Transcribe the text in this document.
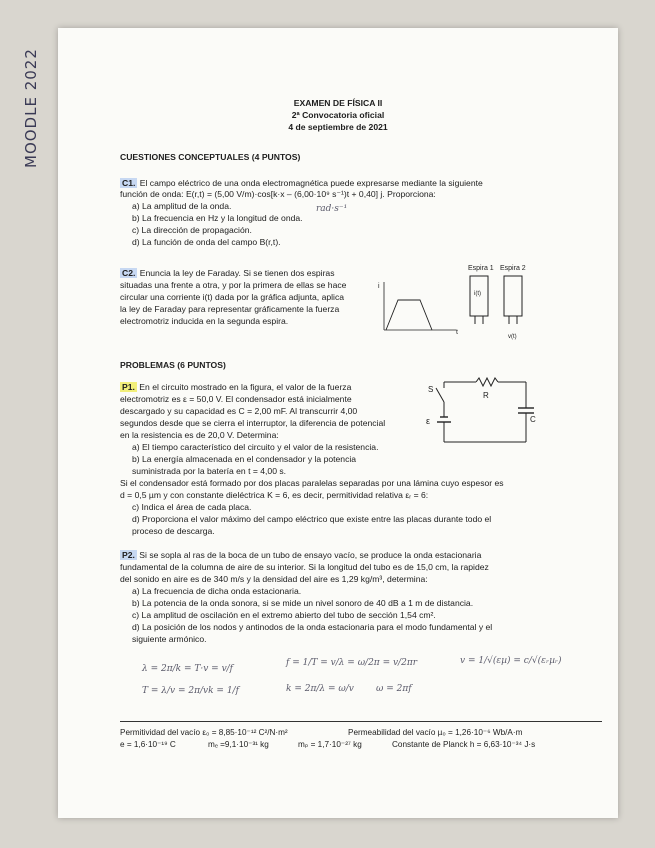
MOODLE 2022	EXAMEN DE FÍSICA II
2ª Convocatoria oficial
4 de septiembre de 2021
CUESTIONES CONCEPTUALES (4 PUNTOS)
C1. El campo eléctrico de una onda electromagnética puede expresarse mediante la siguiente
función de onda: E(r,t) = (5,00 V/m)·cos[k·x – (6,00·10⁹ s⁻¹)t + 0,40] j. Proporciona:
a) La amplitud de la onda.
b) La frecuencia en Hz y la longitud de onda.
c) La dirección de propagación.
d) La función de onda del campo B(r,t).
rad·s⁻¹
C2. Enuncia la ley de Faraday. Si se tienen dos espiras
situadas una frente a otra, y por la primera de ellas se hace
circular una corriente i(t) dada por la gráfica adjunta, aplica
la ley de Faraday para representar gráficamente la fuerza
electromotriz inducida en la segunda espira.
i
t
Espira 1
i(t)
Espira 2
v(t)
PROBLEMAS (6 PUNTOS)
P1. En el circuito mostrado en la figura, el valor de la fuerza
electromotriz es ε = 50,0 V. El condensador está inicialmente
descargado y su capacidad es C = 2,00 mF. Al transcurrir 4,00
segundos desde que se cierra el interruptor, la diferencia de potencial
en la resistencia es de 20,0 V. Determina:
a) El tiempo característico del circuito y el valor de la resistencia.
b) La energía almacenada en el condensador y la potencia
suministrada por la batería en t = 4,00 s.
Si el condensador está formado por dos placas paralelas separadas por una lámina cuyo espesor es
d = 0,5 µm y con constante dieléctrica K = 6, es decir, permitividad relativa εᵣ = 6:
c) Indica el área de cada placa.
d) Proporciona el valor máximo del campo eléctrico que existe entre las placas durante todo el
proceso de descarga.
R
S
ε	C
P2. Si se sopla al ras de la boca de un tubo de ensayo vacío, se produce la onda estacionaria
fundamental de la columna de aire de su interior. Si la longitud del tubo es de 15,0 cm, la rapidez
del sonido en aire es de 340 m/s y la densidad del aire es 1,29 kg/m³, determina:
a) La frecuencia de dicha onda estacionaria.
b) La potencia de la onda sonora, si se mide un nivel sonoro de 40 dB a 1 m de distancia.
c) La amplitud de oscilación en el extremo abierto del tubo de sección 1,54 cm².
d) La posición de los nodos y antinodos de la onda estacionaria para el modo fundamental y el
siguiente armónico.
λ = 2π/k = T·v = v/f
f = 1/T = v/λ = ω/2π = v/2πr	v = 1/√(εµ) = c/√(εᵣµᵣ)
T = λ/v = 2π/vk = 1/f	k = 2π/λ = ω/v ω = 2πf
Permitividad del vacío ε₀ = 8,85·10⁻¹² C²/N·m²	Permeabilidad del vacío µ₀ = 1,26·10⁻⁶ Wb/A·m
e = 1,6·10⁻¹⁹ C	mₑ =9,1·10⁻³¹ kg	mₚ = 1,7·10⁻²⁷ kg	Constante de Planck h = 6,63·10⁻³⁴ J·s
